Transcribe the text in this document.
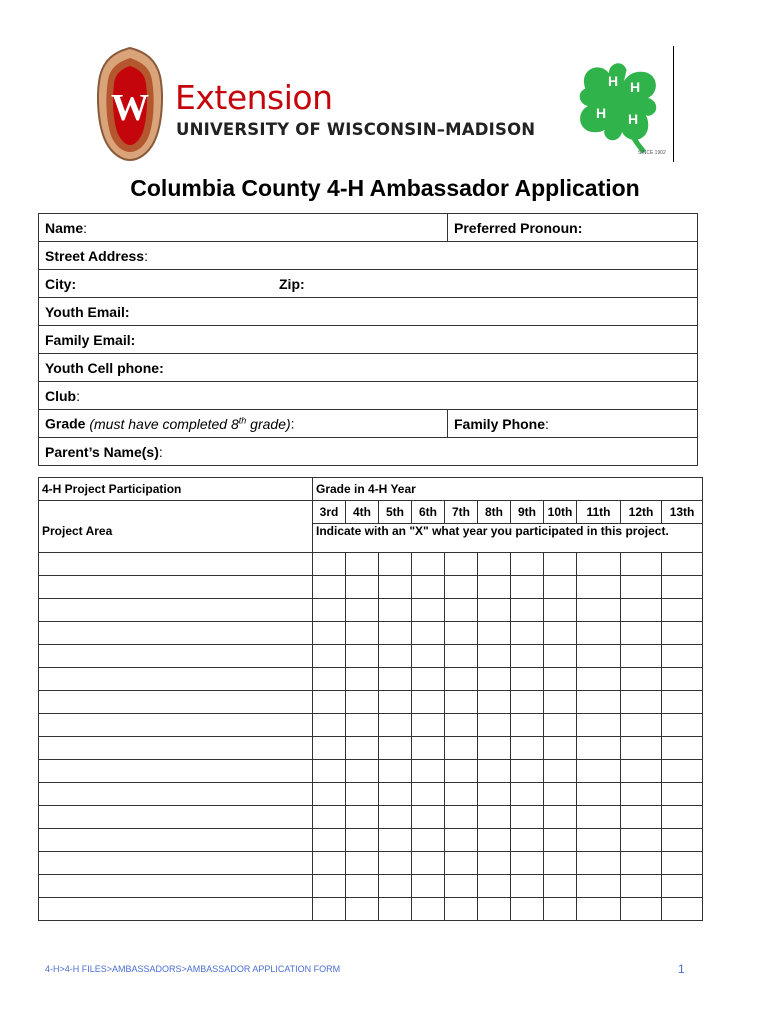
W Extension
UNIVERSITY OF WISCONSIN–MADISON
H H
H
H
SINCE 1902
Columbia County 4-H Ambassador Application
Name:	Preferred Pronoun:
Street Address:	
City: Zip:	
Youth Email:	
Family Email:	
Youth Cell phone:	
Club:	
Grade (must have completed 8th grade):	Family Phone:
Parent’s Name(s):	
4-H Project Participation	Grade in 4-H Year										
	3rd	4th	5th	6th	7th	8th	9th	10th	11th	12th	13th
Project Area	Indicate with an "X" what year you participated in this project.										

4-H>4-H FILES>AMBASSADORS>AMBASSADOR APPLICATION FORM	1
